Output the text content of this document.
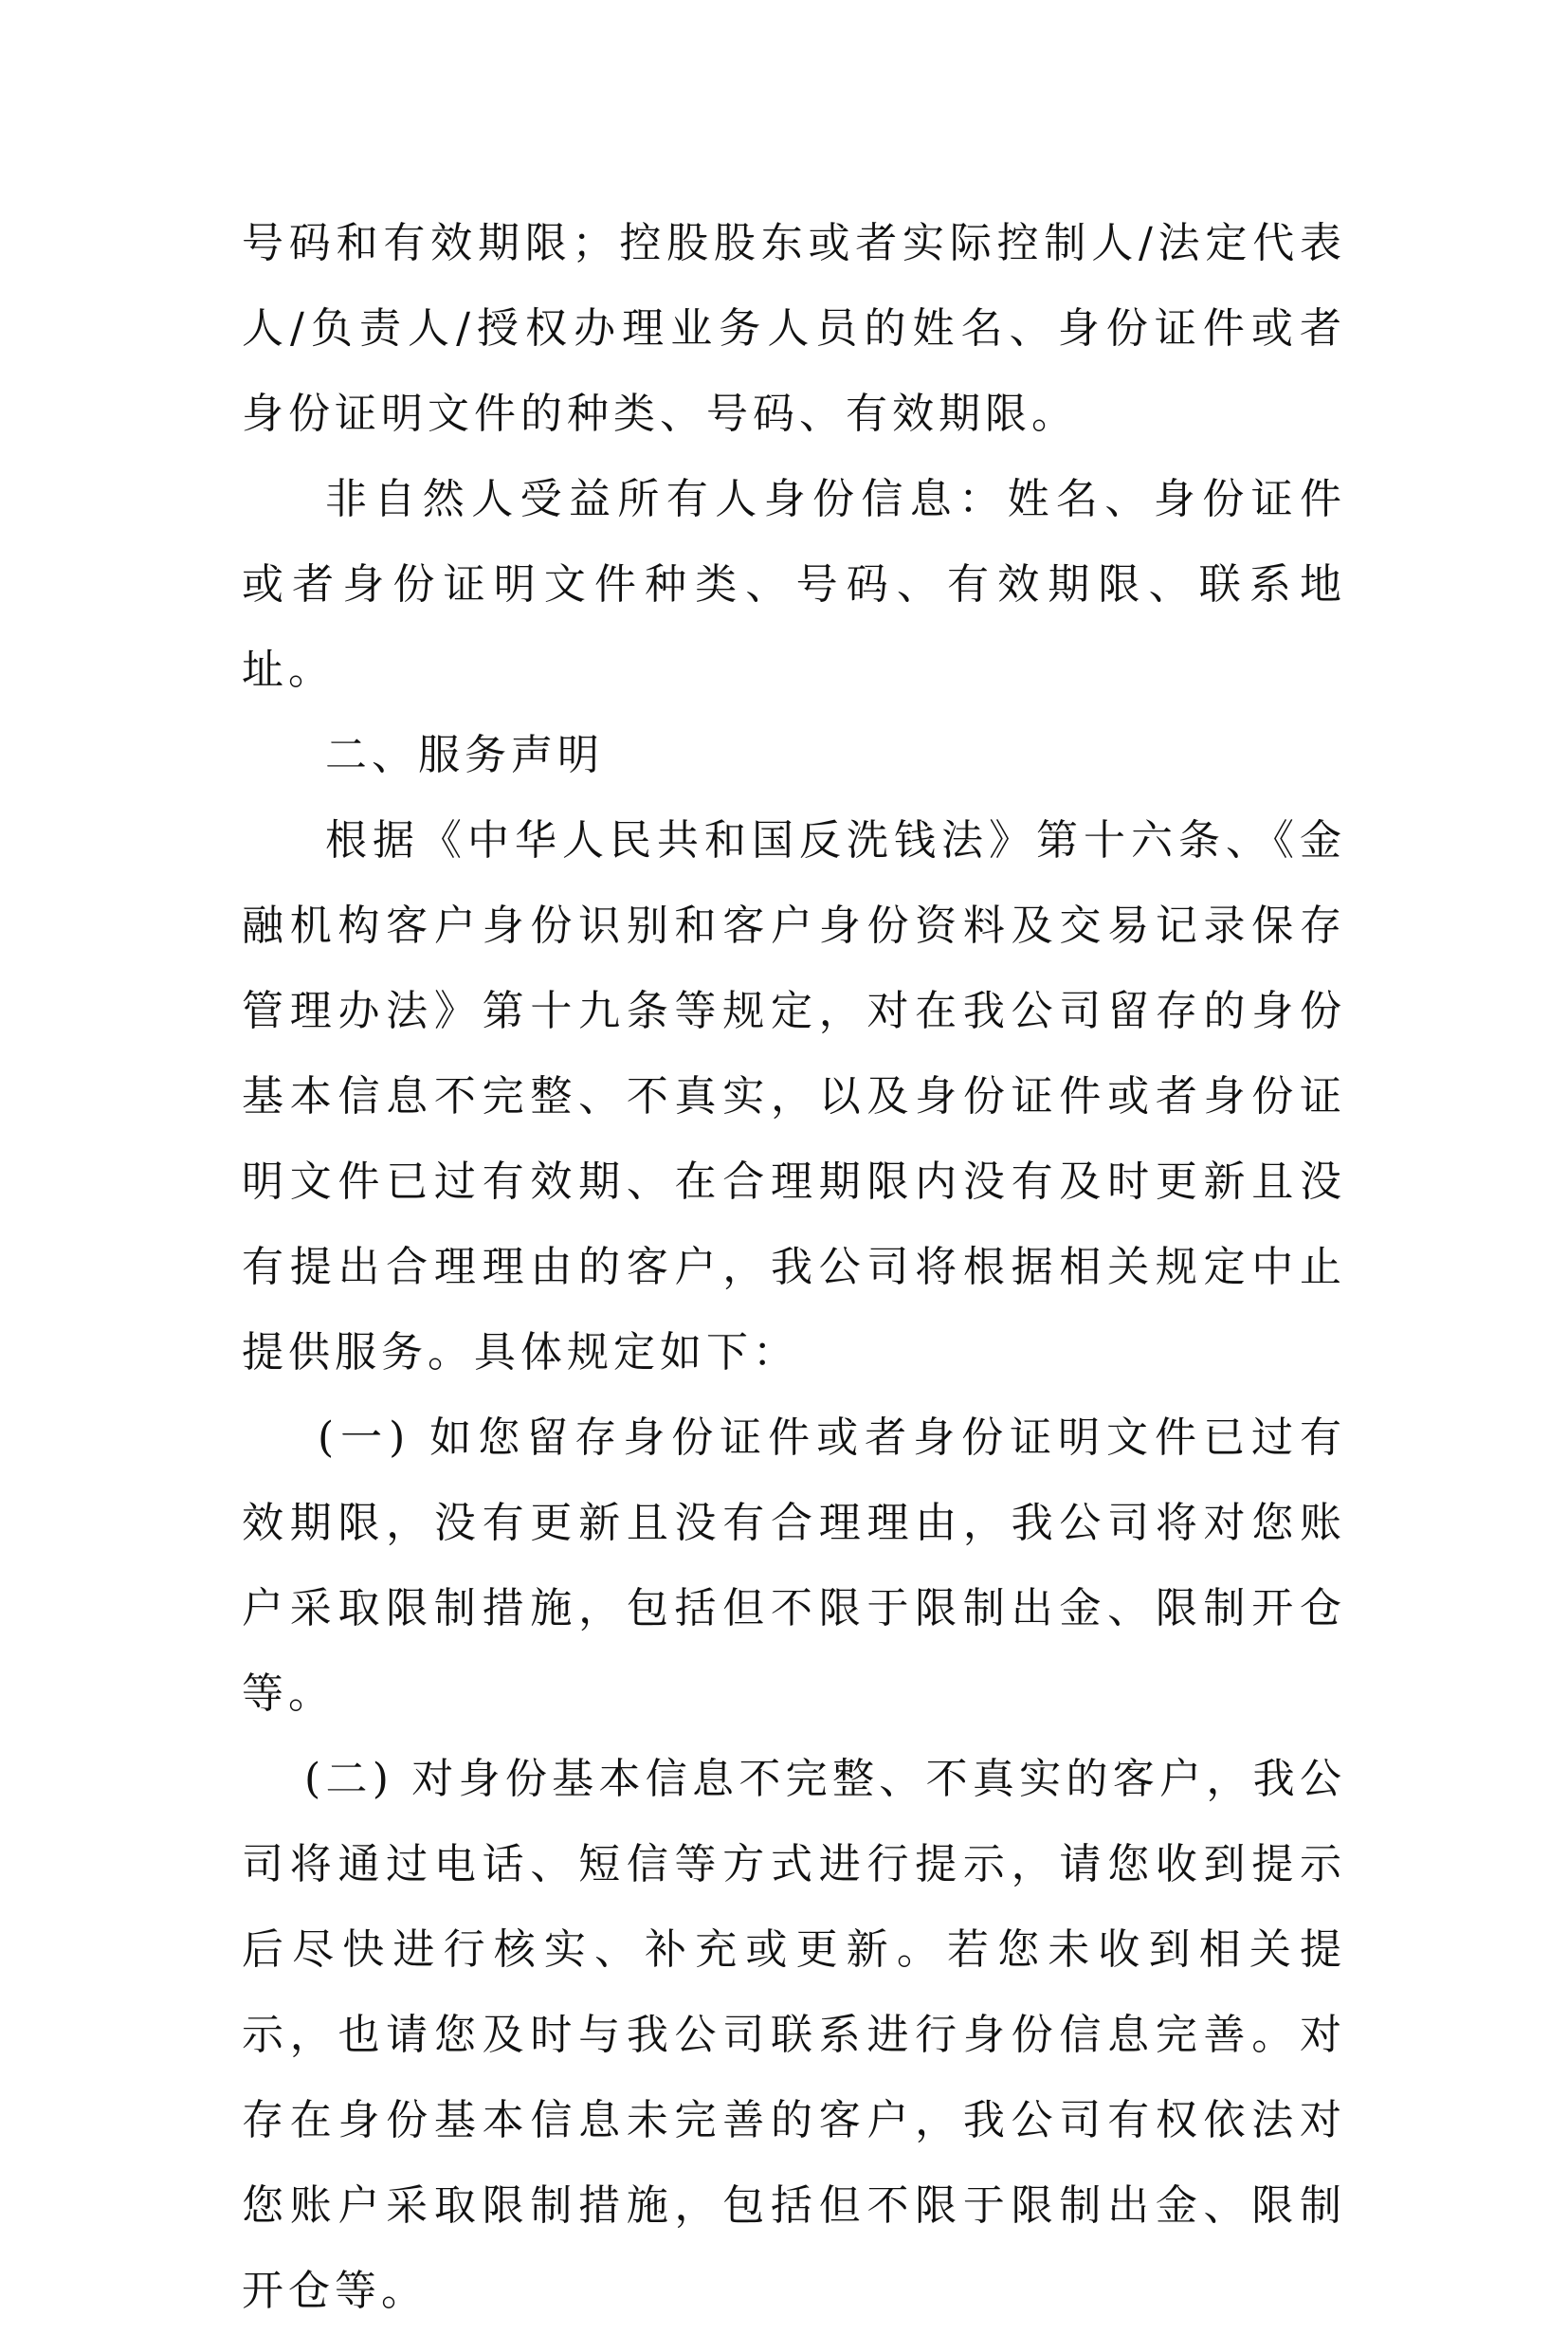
号码和有效期限；控股股东或者实际控制人/法定代表人/负责人/授权办理业务人员的姓名、身份证件或者身份证明文件的种类、号码、有效期限。

非自然人受益所有人身份信息：姓名、身份证件或者身份证明文件种类、号码、有效期限、联系地址。

二、服务声明

根据《中华人民共和国反洗钱法》第十六条、《金融机构客户身份识别和客户身份资料及交易记录保存管理办法》第十九条等规定，对在我公司留存的身份基本信息不完整、不真实，以及身份证件或者身份证明文件已过有效期、在合理期限内没有及时更新且没有提出合理理由的客户，我公司将根据相关规定中止提供服务。具体规定如下：

(一) 如您留存身份证件或者身份证明文件已过有效期限，没有更新且没有合理理由，我公司将对您账户采取限制措施，包括但不限于限制出金、限制开仓等。

(二) 对身份基本信息不完整、不真实的客户，我公司将通过电话、短信等方式进行提示，请您收到提示后尽快进行核实、补充或更新。若您未收到相关提示，也请您及时与我公司联系进行身份信息完善。对存在身份基本信息未完善的客户，我公司有权依法对您账户采取限制措施，包括但不限于限制出金、限制开仓等。
